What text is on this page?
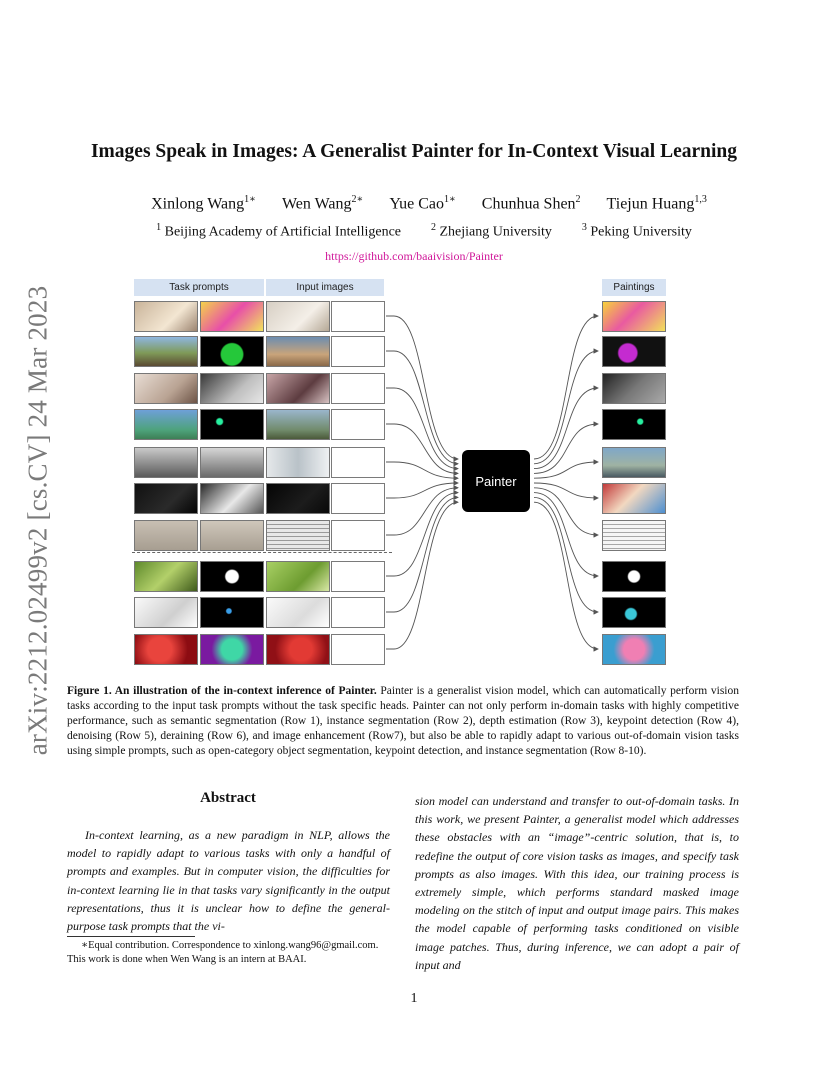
arXiv:2212.02499v2 [cs.CV] 24 Mar 2023
Images Speak in Images: A Generalist Painter for In-Context Visual Learning
Xinlong Wang$^{1∗}$ Wen Wang$^{2∗}$ Yue Cao$^{1∗}$ Chunhua Shen$^2$ Tiejun Huang$^{1,3}$
$^1$ Beijing Academy of Artificial Intelligence	$^2$ Zhejiang University	$^3$ Peking University
https://github.com/baaivision/Painter
Task prompts	Input images	Paintings
Painter
Figure 1. An illustration of the in-context inference of Painter. Painter is a generalist vision model, which can automatically perform vision tasks according to the input task prompts without the task specific heads. Painter can not only perform in-domain tasks with highly competitive performance, such as semantic segmentation (Row 1), instance segmentation (Row 2), depth estimation (Row 3), keypoint detection (Row 4), denoising (Row 5), deraining (Row 6), and image enhancement (Row7), but also be able to rapidly adapt to various out-of-domain vision tasks using simple prompts, such as open-category object segmentation, keypoint detection, and instance segmentation (Row 8-10).
Abstract
In-context learning, as a new paradigm in NLP, allows the model to rapidly adapt to various tasks with only a handful of prompts and examples. But in computer vision, the difficulties for in-context learning lie in that tasks vary significantly in the output representations, thus it is unclear how to define the general-purpose task prompts that the vi-
sion model can understand and transfer to out-of-domain tasks. In this work, we present Painter, a generalist model which addresses these obstacles with an “image”-centric solution, that is, to redefine the output of core vision tasks as images, and specify task prompts as also images. With this idea, our training process is extremely simple, which performs standard masked image modeling on the stitch of input and output image pairs. This makes the model capable of performing tasks conditioned on visible image patches. Thus, during inference, we can adopt a pair of input and
∗Equal contribution. Correspondence to xinlong.wang96@gmail.com.
This work is done when Wen Wang is an intern at BAAI.
1
